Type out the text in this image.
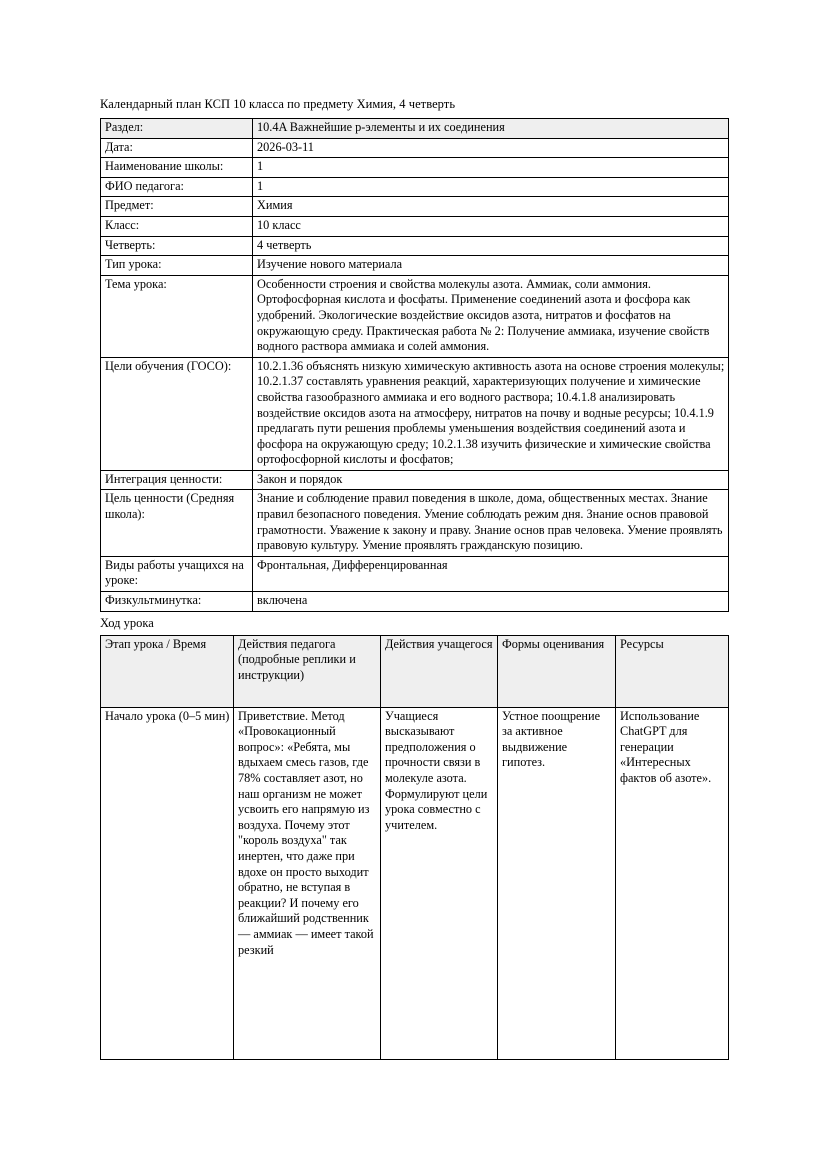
Календарный план КСП 10 класса по предмету Химия, 4 четверть
Раздел:	10.4A Важнейшие p-элементы и их соединения
Дата:	2026-03-11
Наименование школы:	1
ФИО педагога:	1
Предмет:	Химия
Класс:	10 класс
Четверть:	4 четверть
Тип урока:	Изучение нового материала
Тема урока:	Особенности строения и свойства молекулы азота. Аммиак, соли аммония. Ортофосфорная кислота и фосфаты. Применение соединений азота и фосфора как удобрений. Экологические воздействие оксидов азота, нитратов и фосфатов на окружающую среду. Практическая работа № 2: Получение аммиака, изучение свойств водного раствора аммиака и солей аммония.
Цели обучения (ГОСО):	10.2.1.36 объяснять низкую химическую активность азота на основе строения молекулы; 10.2.1.37 составлять уравнения реакций, характеризующих получение и химические свойства газообразного аммиака и его водного раствора; 10.4.1.8 анализировать воздействие оксидов азота на атмосферу, нитратов на почву и водные ресурсы; 10.4.1.9 предлагать пути решения проблемы уменьшения воздействия соединений азота и фосфора на окружающую среду; 10.2.1.38 изучить физические и химические свойства ортофосфорной кислоты и фосфатов;
Интеграция ценности:	Закон и порядок
Цель ценности (Средняя школа):	Знание и соблюдение правил поведения в школе, дома, общественных местах. Знание правил безопасного поведения. Умение соблюдать режим дня. Знание основ правовой грамотности. Уважение к закону и праву. Знание основ прав человека. Умение проявлять правовую культуру. Умение проявлять гражданскую позицию.
Виды работы учащихся на уроке:	Фронтальная, Дифференцированная
Физкультминутка:	включена
Ход урока
Этап урока / Время	Действия педагога (подробные реплики и инструкции)	Действия учащегося	Формы оценивания	Ресурсы
Начало урока (0–5 мин)	Приветствие. Метод «Провокационный вопрос»: «Ребята, мы вдыхаем смесь газов, где 78% составляет азот, но наш организм не может усвоить его напрямую из воздуха. Почему этот "король воздуха" так инертен, что даже при вдохе он просто выходит обратно, не вступая в реакции? И почему его ближайший родственник — аммиак — имеет такой резкий	Учащиеся высказывают предположения о прочности связи в молекуле азота. Формулируют цели урока совместно с учителем.	Устное поощрение за активное выдвижение гипотез.	Использование ChatGPT для генерации «Интересных фактов об азоте».
